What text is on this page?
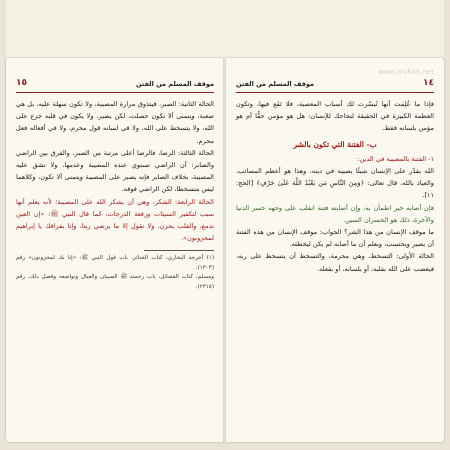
١٥	موقف المسلم من الفتن

الحالة الثانية: الصبر، فيتذوق مرارة المصيبة، ولا تكون سهلة عليه، بل هي صعبة، ويتمنى ألا تكون حصلت، لكن يصبر، ولا يكون في قلبه جزع على الله، ولا يتسخط على الله، ولا في لسانه قول محرم، ولا في أفعاله فعل محرم.

الحالة الثالثة: الرضا، فالرضا أعلى مرتبة من الصبر، والفرق بين الراضي والصابر: أن الراضي تستوي عنده المصيبة وعدمها، ولا تشق عليه المصيبة، بخلاف الصابر فإنه يصبر على المصيبة ويتمنى ألا تكون، وكلاهما ليس متسخطا، لكن الراضي فوقه.

الحالة الرابعة: الشكر، وهي أن يشكر الله على المصيبة؛ لأنه يعلم أنها سبب لتكفير السيئات ورفعة الدرجات، كما قال النبي ﷺ: «إن العين تدمع، والقلب يحزن، ولا نقول إلا ما يرضي ربنا، وإنا بفراقك يا إبراهيم لمحزونون».

(١) أخرجه البخاري، كتاب الجنائز، باب قول النبي ﷺ: «إنا بك لمحزونون» رقم (١٣٠٣).

ومسلم، كتاب الفضائل، باب رحمته ﷺ الصبيان والعيال وتواضعه وفضل ذلك، رقم (٢٣١٥).

www.alukah.net
١٤
موقف المسلم من الفتن

فإذا ما عُلِمَت أنها تُيسّرت لك أسباب المعصية، فلا تَقَع فيها، وتكون العظمة الكبيرة في الحقيقة لنجاحك للإنسان: هل هو مؤمن حقًّا أم هو مؤمن بلسانه فقط.

ب- الفتنة التي تكون بالشر

١- الفتنة بالمصيبة في الدين:

الله يقدّر على الإنسان شيئًا يصيبه في دينه، وهذا هو أعظم المصائب، والعياذ بالله، قال تعالى: ﴿وَمِنَ النَّاسِ مَن يَعْبُدُ اللَّهَ عَلَىٰ حَرْفٍ﴾ [الحج: ١١].

فإن أصابه خير اطمأن به، وإن أصابته فتنة انقلب على وجهه خسر الدنيا والآخرة، ذلك هو الخسران المبين.

ما موقف الإنسان من هذا الشر؟ الجواب: موقف الإنسان من هذه الفتنة أن يصبر ويحتسب، ويعلم أن ما أصابه لم يكن ليخطئه.

الحالة الأولى: التسخط، وهي محرمة، والتسخط أن يتسخط على ربه، فيغضب على الله بقلبه، أو بلسانه، أو بفعله.
